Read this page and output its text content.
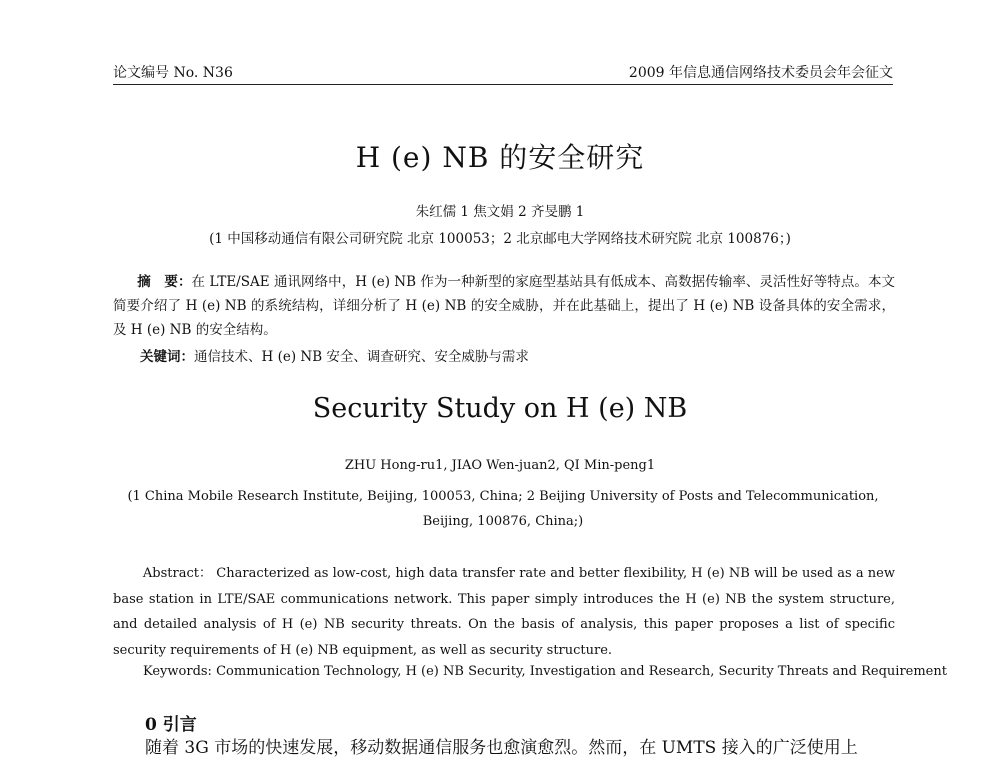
论文编号 No. N36	2009 年信息通信网络技术委员会年会征文
H (e) NB 的安全研究
朱红儒 1 焦文娟 2 齐旻鹏 1
(1 中国移动通信有限公司研究院 北京 100053；2 北京邮电大学网络技术研究院 北京 100876；)
摘　要：在 LTE/SAE 通讯网络中，H (e) NB 作为一种新型的家庭型基站具有低成本、高数据传输率、灵活性好等特点。本文简要介绍了 H (e) NB 的系统结构，详细分析了 H (e) NB 的安全威胁，并在此基础上，提出了 H (e) NB 设备具体的安全需求，及 H (e) NB 的安全结构。
关键词：通信技术、H (e) NB 安全、调查研究、安全威胁与需求
Security Study on H (e) NB
ZHU Hong-ru1, JIAO Wen-juan2, QI Min-peng1
(1 China Mobile Research Institute, Beijing, 100053, China; 2 Beijing University of Posts and Telecommunication, Beijing, 100876, China;)
Abstract： Characterized as low-cost, high data transfer rate and better flexibility, H (e) NB will be used as a new base station in LTE/SAE communications network. This paper simply introduces the H (e) NB the system structure, and detailed analysis of H (e) NB security threats. On the basis of analysis, this paper proposes a list of specific security requirements of H (e) NB equipment, as well as security structure.
Keywords: Communication Technology, H (e) NB Security, Investigation and Research, Security Threats and Requirement
0 引言
随着 3G 市场的快速发展，移动数据通信服务也愈演愈烈。然而，在 UMTS 接入的广泛使用上
